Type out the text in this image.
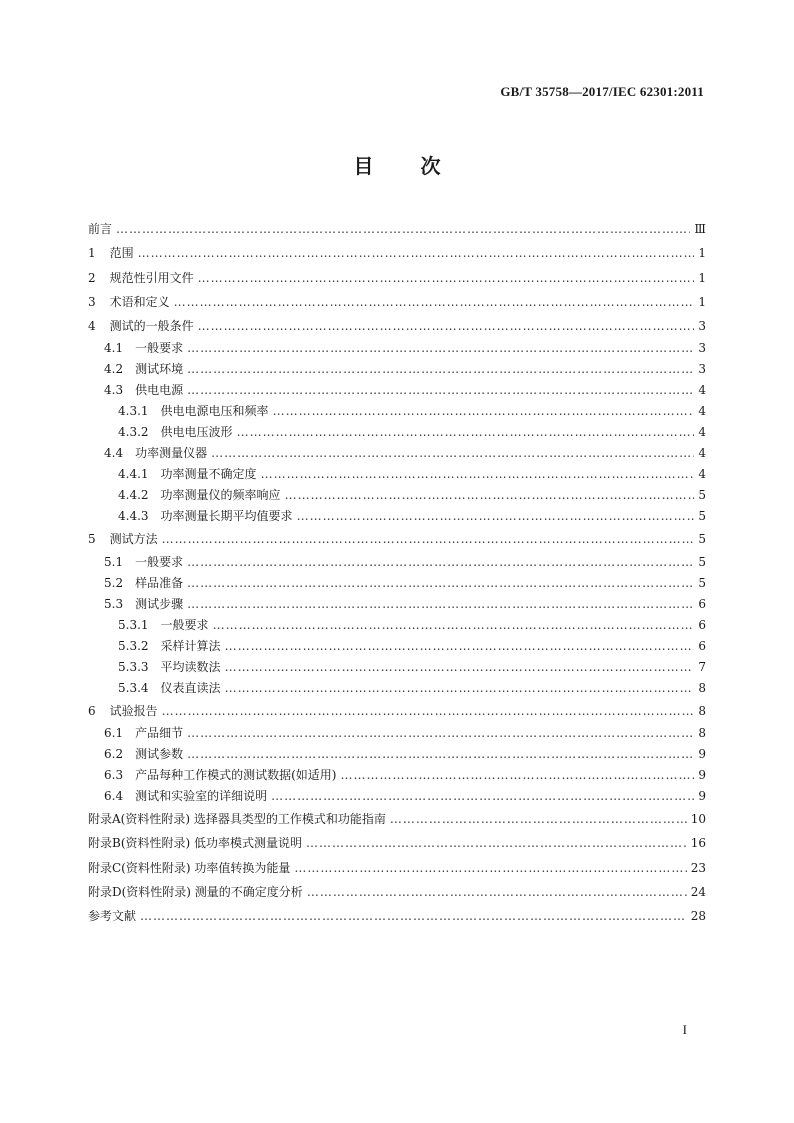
GB/T 35758—2017/IEC 62301:2011
目 次
前言 …………………………………………………………………………………………………………………………………………………………………………………………………………………………………………………………………………………………………	Ⅲ
1 范围 …………………………………………………………………………………………………………………………………………………………………………………………………………………………………………………………………………………………………	1
2 规范性引用文件 …………………………………………………………………………………………………………………………………………………………………………………………………………………………………………………………………………………………………	1
3 术语和定义 …………………………………………………………………………………………………………………………………………………………………………………………………………………………………………………………………………………………………	1
4 测试的一般条件 …………………………………………………………………………………………………………………………………………………………………………………………………………………………………………………………………………………………………	3
4.1 一般要求 …………………………………………………………………………………………………………………………………………………………………………………………………………………………………………………………………………………………………	3
4.2 测试环境 …………………………………………………………………………………………………………………………………………………………………………………………………………………………………………………………………………………………………	3
4.3 供电电源 …………………………………………………………………………………………………………………………………………………………………………………………………………………………………………………………………………………………………	4
4.3.1 供电电源电压和频率 …………………………………………………………………………………………………………………………………………………………………………………………………………………………………………………………………………………………………	4
4.3.2 供电电压波形 …………………………………………………………………………………………………………………………………………………………………………………………………………………………………………………………………………………………………	4
4.4 功率测量仪器 …………………………………………………………………………………………………………………………………………………………………………………………………………………………………………………………………………………………………	4
4.4.1 功率测量不确定度 …………………………………………………………………………………………………………………………………………………………………………………………………………………………………………………………………………………………………	4
4.4.2 功率测量仪的频率响应 …………………………………………………………………………………………………………………………………………………………………………………………………………………………………………………………………………………………………	5
4.4.3 功率测量长期平均值要求 …………………………………………………………………………………………………………………………………………………………………………………………………………………………………………………………………………………………………	5
5 测试方法 …………………………………………………………………………………………………………………………………………………………………………………………………………………………………………………………………………………………………	5
5.1 一般要求 …………………………………………………………………………………………………………………………………………………………………………………………………………………………………………………………………………………………………	5
5.2 样品准备 …………………………………………………………………………………………………………………………………………………………………………………………………………………………………………………………………………………………………	5
5.3 测试步骤 …………………………………………………………………………………………………………………………………………………………………………………………………………………………………………………………………………………………………	6
5.3.1 一般要求 …………………………………………………………………………………………………………………………………………………………………………………………………………………………………………………………………………………………………	6
5.3.2 采样计算法 …………………………………………………………………………………………………………………………………………………………………………………………………………………………………………………………………………………………………	6
5.3.3 平均读数法 …………………………………………………………………………………………………………………………………………………………………………………………………………………………………………………………………………………………………	7
5.3.4 仪表直读法 …………………………………………………………………………………………………………………………………………………………………………………………………………………………………………………………………………………………………	8
6 试验报告 …………………………………………………………………………………………………………………………………………………………………………………………………………………………………………………………………………………………………	8
6.1 产品细节 …………………………………………………………………………………………………………………………………………………………………………………………………………………………………………………………………………………………………	8
6.2 测试参数 …………………………………………………………………………………………………………………………………………………………………………………………………………………………………………………………………………………………………	9
6.3 产品每种工作模式的测试数据(如适用) …………………………………………………………………………………………………………………………………………………………………………………………………………………………………………………………………………………………………	9
6.4 测试和实验室的详细说明 …………………………………………………………………………………………………………………………………………………………………………………………………………………………………………………………………………………………………	9
附录A(资料性附录) 选择器具类型的工作模式和功能指南 …………………………………………………………………………………………………………………………………………………………………………………………………………………………………………………………………………………………………	10
附录B(资料性附录) 低功率模式测量说明 …………………………………………………………………………………………………………………………………………………………………………………………………………………………………………………………………………………………………	16
附录C(资料性附录) 功率值转换为能量 …………………………………………………………………………………………………………………………………………………………………………………………………………………………………………………………………………………………………	23
附录D(资料性附录) 测量的不确定度分析 …………………………………………………………………………………………………………………………………………………………………………………………………………………………………………………………………………………………………	24
参考文献 …………………………………………………………………………………………………………………………………………………………………………………………………………………………………………………………………………………………………	28
I
